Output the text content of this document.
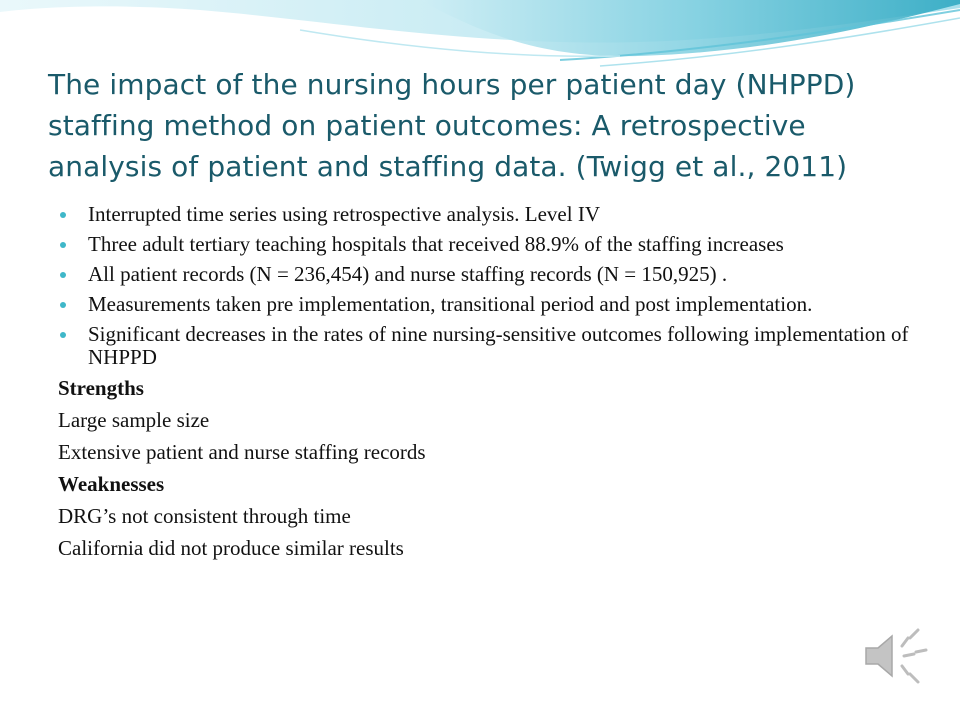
The impact of the nursing hours per patient day (NHPPD) staffing method on patient outcomes: A retrospective analysis of patient and staffing data. (Twigg et al., 2011)
Interrupted time series using retrospective analysis. Level IV
Three adult tertiary teaching hospitals that received 88.9% of the staffing increases
All patient records (N = 236,454) and nurse staffing records (N = 150,925) .
Measurements taken pre implementation, transitional period and post implementation.
Significant decreases in the rates of nine nursing-sensitive outcomes following implementation of NHPPD
Strengths
Large sample size
Extensive patient and nurse staffing records
Weaknesses
DRG’s not consistent through time
California did not produce similar results
